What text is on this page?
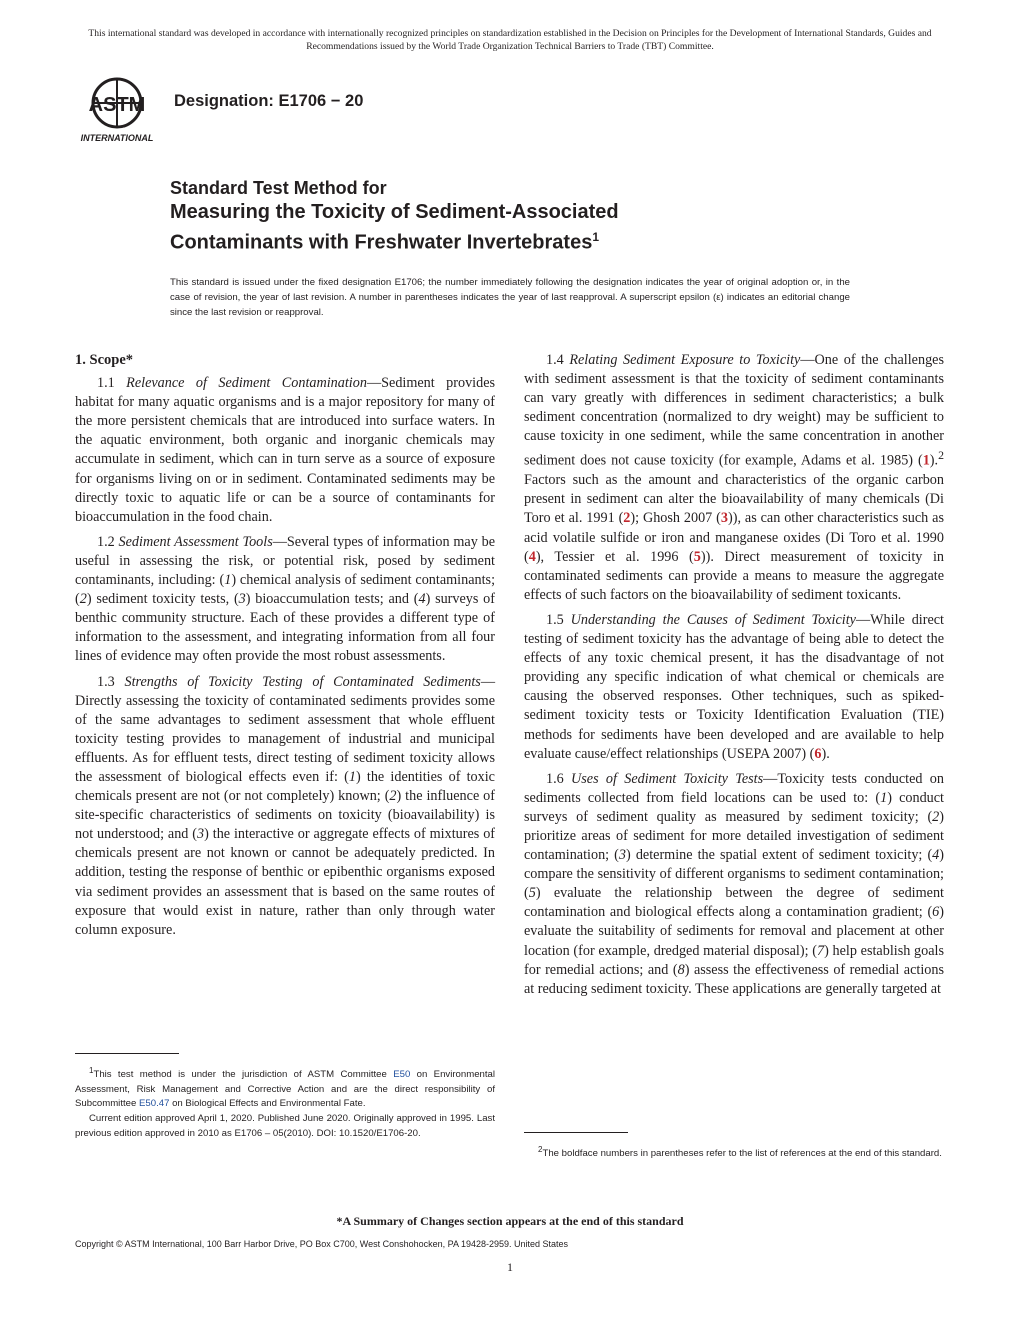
This international standard was developed in accordance with internationally recognized principles on standardization established in the Decision on Principles for the Development of International Standards, Guides and Recommendations issued by the World Trade Organization Technical Barriers to Trade (TBT) Committee.
ASTM
INTERNATIONAL
Designation: E1706 − 20
Standard Test Method for
Measuring the Toxicity of Sediment-Associated
Contaminants with Freshwater Invertebrates$^1$
This standard is issued under the fixed designation E1706; the number immediately following the designation indicates the year of original adoption or, in the case of revision, the year of last revision. A number in parentheses indicates the year of last reapproval. A superscript epsilon (ε) indicates an editorial change since the last revision or reapproval.
1. Scope*

1.1 Relevance of Sediment Contamination—Sediment provides habitat for many aquatic organisms and is a major repository for many of the more persistent chemicals that are introduced into surface waters. In the aquatic environment, both organic and inorganic chemicals may accumulate in sediment, which can in turn serve as a source of exposure for organisms living on or in sediment. Contaminated sediments may be directly toxic to aquatic life or can be a source of contaminants for bioaccumulation in the food chain.

1.2 Sediment Assessment Tools—Several types of information may be useful in assessing the risk, or potential risk, posed by sediment contaminants, including: (1) chemical analysis of sediment contaminants; (2) sediment toxicity tests, (3) bioaccumulation tests; and (4) surveys of benthic community structure. Each of these provides a different type of information to the assessment, and integrating information from all four lines of evidence may often provide the most robust assessments.

1.3 Strengths of Toxicity Testing of Contaminated Sediments—Directly assessing the toxicity of contaminated sediments provides some of the same advantages to sediment assessment that whole effluent toxicity testing provides to management of industrial and municipal effluents. As for effluent tests, direct testing of sediment toxicity allows the assessment of biological effects even if: (1) the identities of toxic chemicals present are not (or not completely) known; (2) the influence of site-specific characteristics of sediments on toxicity (bioavailability) is not understood; and (3) the interactive or aggregate effects of mixtures of chemicals present are not known or cannot be adequately predicted. In addition, testing the response of benthic or epibenthic organisms exposed via sediment provides an assessment that is based on the same routes of exposure that would exist in nature, rather than only through water column exposure.

1.4 Relating Sediment Exposure to Toxicity—One of the challenges with sediment assessment is that the toxicity of sediment contaminants can vary greatly with differences in sediment characteristics; a bulk sediment concentration (normalized to dry weight) may be sufficient to cause toxicity in one sediment, while the same concentration in another sediment does not cause toxicity (for example, Adams et al. 1985) (1).$^2$ Factors such as the amount and characteristics of the organic carbon present in sediment can alter the bioavailability of many chemicals (Di Toro et al. 1991 (2); Ghosh 2007 (3)), as can other characteristics such as acid volatile sulfide or iron and manganese oxides (Di Toro et al. 1990 (4), Tessier et al. 1996 (5)). Direct measurement of toxicity in contaminated sediments can provide a means to measure the aggregate effects of such factors on the bioavailability of sediment toxicants.

1.5 Understanding the Causes of Sediment Toxicity—While direct testing of sediment toxicity has the advantage of being able to detect the effects of any toxic chemical present, it has the disadvantage of not providing any specific indication of what chemical or chemicals are causing the observed responses. Other techniques, such as spiked-sediment toxicity tests or Toxicity Identification Evaluation (TIE) methods for sediments have been developed and are available to help evaluate cause/effect relationships (USEPA 2007) (6).

1.6 Uses of Sediment Toxicity Tests—Toxicity tests conducted on sediments collected from field locations can be used to: (1) conduct surveys of sediment quality as measured by sediment toxicity; (2) prioritize areas of sediment for more detailed investigation of sediment contamination; (3) determine the spatial extent of sediment toxicity; (4) compare the sensitivity of different organisms to sediment contamination; (5) evaluate the relationship between the degree of sediment contamination and biological effects along a contamination gradient; (6) evaluate the suitability of sediments for removal and placement at other location (for example, dredged material disposal); (7) help establish goals for remedial actions; and (8) assess the effectiveness of remedial actions at reducing sediment toxicity. These applications are generally targeted at

$^1$This test method is under the jurisdiction of ASTM Committee E50 on Environmental Assessment, Risk Management and Corrective Action and are the direct responsibility of Subcommittee E50.47 on Biological Effects and Environmental Fate.

Current edition approved April 1, 2020. Published June 2020. Originally approved in 1995. Last previous edition approved in 2010 as E1706 – 05(2010). DOI: 10.1520/E1706-20.

$^2$The boldface numbers in parentheses refer to the list of references at the end of this standard.

*A Summary of Changes section appears at the end of this standard
Copyright © ASTM International, 100 Barr Harbor Drive, PO Box C700, West Conshohocken, PA 19428-2959. United States
1
